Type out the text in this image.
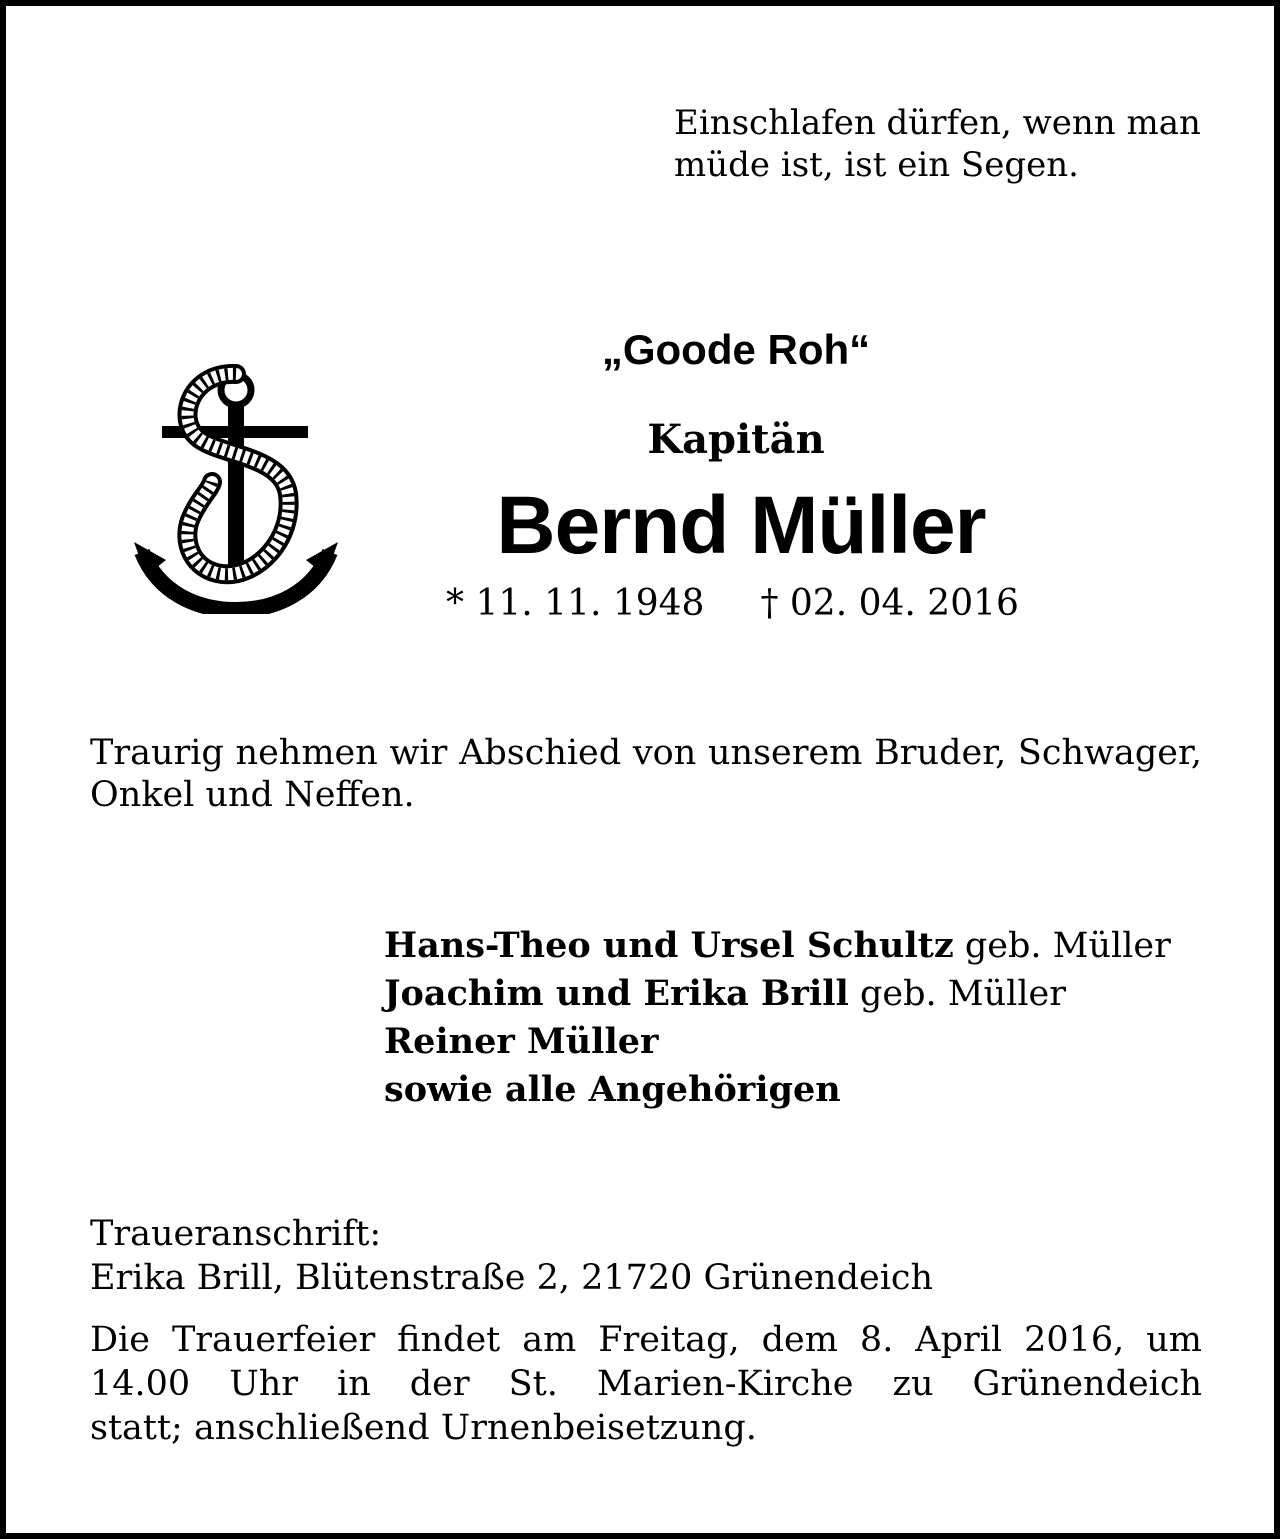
Einschlafen dürfen, wenn man
müde ist, ist ein Segen.

„Goode Roh“

Kapitän

Bernd Müller

* 11. 11. 1948 † 02. 04. 2016

Traurig nehmen wir Abschied von unserem Bruder, Schwager, Onkel und Neffen.

Hans-Theo und Ursel Schultz geb. Müller
Joachim und Erika Brill geb. Müller
Reiner Müller
sowie alle Angehörigen

Traueranschrift:
Erika Brill, Blütenstraße 2, 21720 Grünendeich

Die Trauerfeier findet am Freitag, dem 8. April 2016, um
14.00 Uhr in der St. Marien-Kirche zu Grünendeich
statt; anschließend Urnenbeisetzung.
